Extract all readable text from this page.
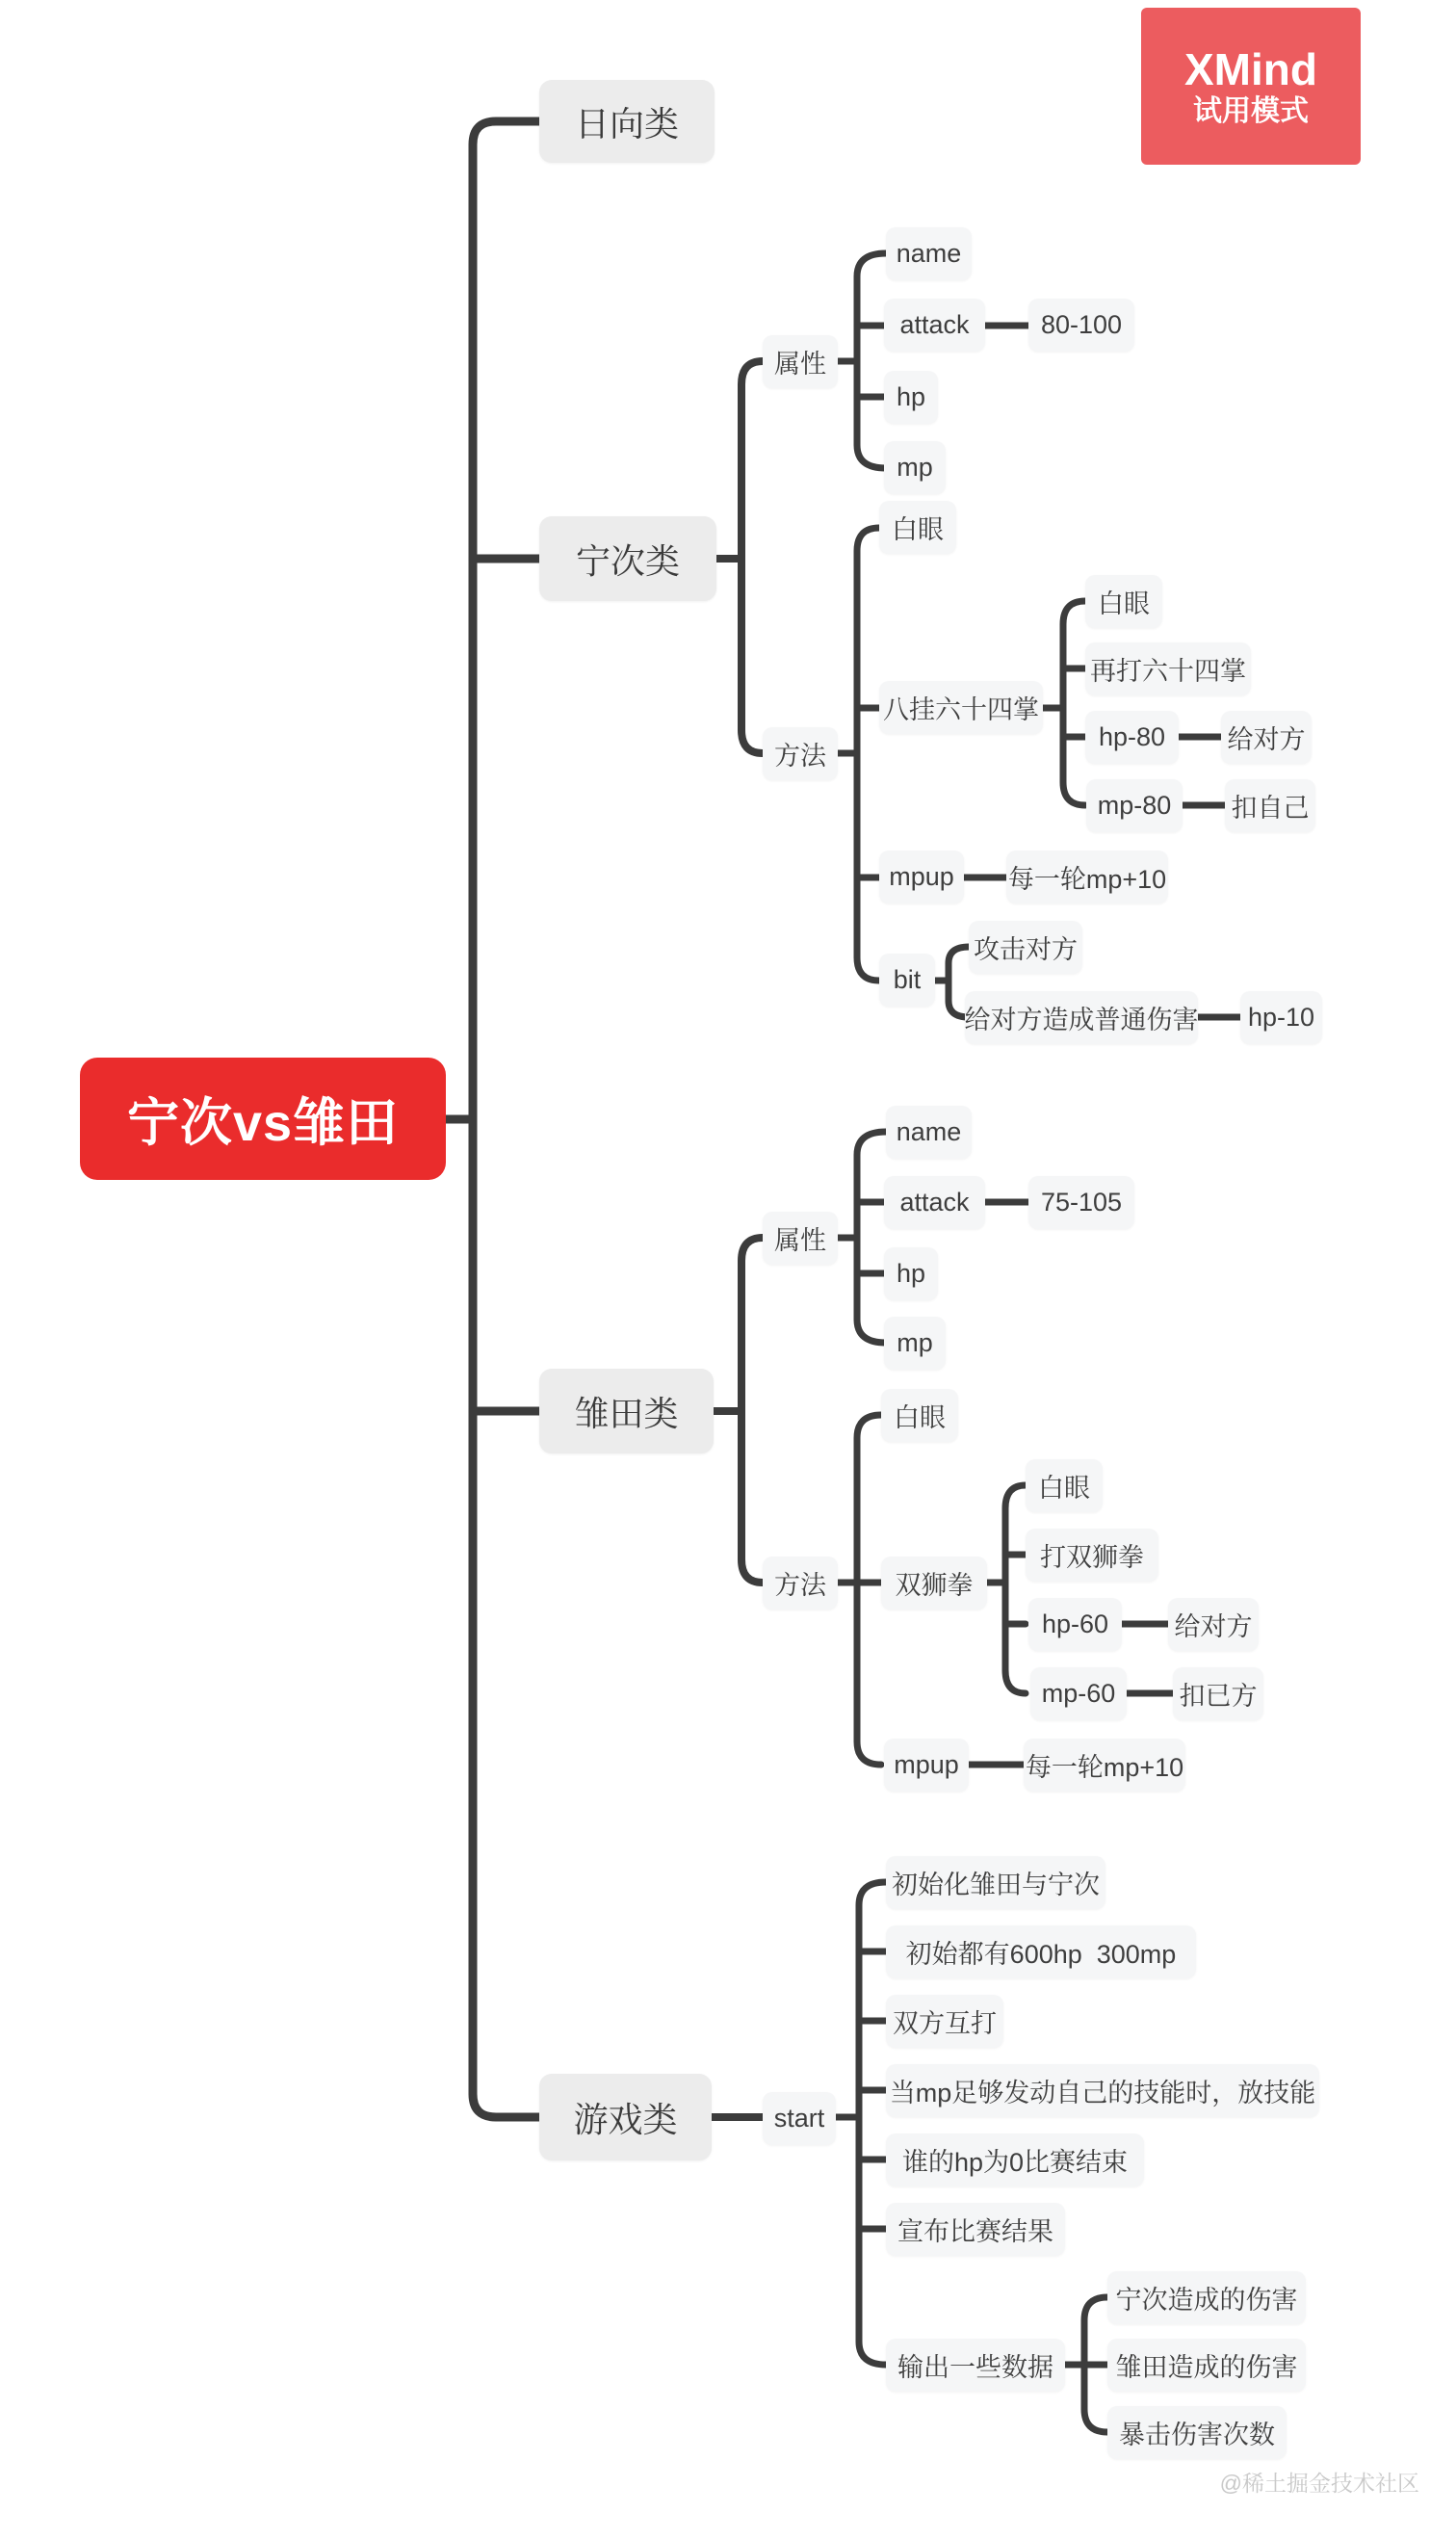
宁次vs雏田
日向类
宁次类
雏田类
游戏类
属性
name
attack	80-100
hp
mp
方法
白眼
八挂六十四掌
白眼
再打六十四掌
hp-80	给对方
mp-80	扣自己
mpup	每一轮mp+10
bit
攻击对方
给对方造成普通伤害 hp-10
属性
name
attack	75-105
hp
mp
方法
白眼
双狮拳
白眼
打双狮拳
hp-60	给对方
mp-60	扣已方
mpup	每一轮mp+10
start
初始化雏田与宁次
初始都有600hp  300mp
双方互打
当mp足够发动自己的技能时，放技能
谁的hp为0比赛结束
宣布比赛结果
输出一些数据
宁次造成的伤害
雏田造成的伤害
暴击伤害次数
XMind
试用模式
@稀土掘金技术社区
